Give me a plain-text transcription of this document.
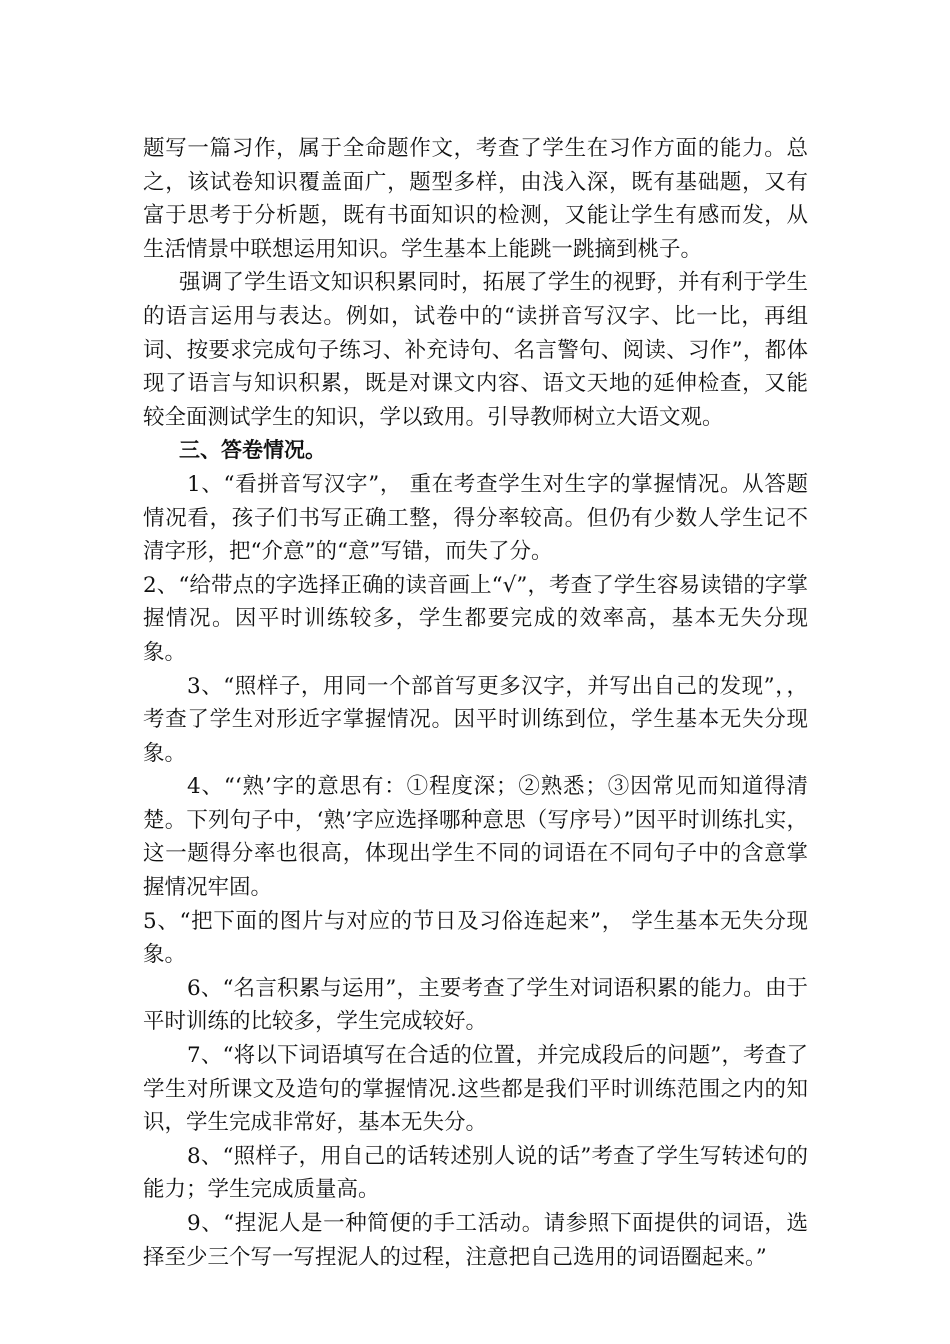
题写一篇习作，属于全命题作文，考查了学生在习作方面的能力。总之，该试卷知识覆盖面广，题型多样，由浅入深，既有基础题，又有富于思考于分析题，既有书面知识的检测，又能让学生有感而发，从生活情景中联想运用知识。学生基本上能跳一跳摘到桃子。

强调了学生语文知识积累同时，拓展了学生的视野，并有利于学生的语言运用与表达。例如，试卷中的“读拼音写汉字、比一比，再组词、按要求完成句子练习、补充诗句、名言警句、阅读、习作”，都体现了语言与知识积累，既是对课文内容、语文天地的延伸检查，又能较全面测试学生的知识，学以致用。引导教师树立大语文观。

三、答卷情况。

1、“看拼音写汉字”， 重在考查学生对生字的掌握情况。从答题情况看，孩子们书写正确工整，得分率较高。但仍有少数人学生记不清字形，把“介意”的“意”写错，而失了分。

2、“给带点的字选择正确的读音画上“√”，考查了学生容易读错的字掌握情况。因平时训练较多，学生都要完成的效率高，基本无失分现象。

3、“照样子，用同一个部首写更多汉字，并写出自己的发现”，，考查了学生对形近字掌握情况。因平时训练到位，学生基本无失分现象。

4、“‘熟’字的意思有：①程度深；②熟悉；③因常见而知道得清楚。下列句子中，‘熟’字应选择哪种意思（写序号）”因平时训练扎实，这一题得分率也很高，体现出学生不同的词语在不同句子中的含意掌握情况牢固。

5、“把下面的图片与对应的节日及习俗连起来”， 学生基本无失分现象。

6、“名言积累与运用”，主要考查了学生对词语积累的能力。由于平时训练的比较多，学生完成较好。

7、“将以下词语填写在合适的位置，并完成段后的问题”，考查了学生对所课文及造句的掌握情况.这些都是我们平时训练范围之内的知识，学生完成非常好，基本无失分。

8、“照样子，用自己的话转述别人说的话”考查了学生写转述句的能力；学生完成质量高。

9、“捏泥人是一种简便的手工活动。请参照下面提供的词语，选择至少三个写一写捏泥人的过程，注意把自己选用的词语圈起来。”
